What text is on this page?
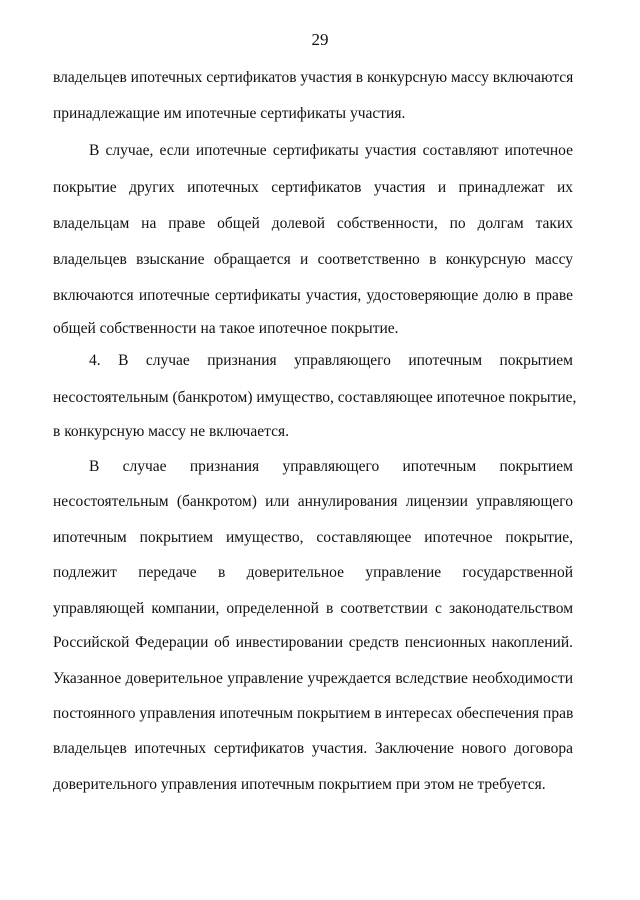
29
владельцев ипотечных сертификатов участия в конкурсную массу включаются
принадлежащие им ипотечные сертификаты участия.
В случае, если ипотечные сертификаты участия составляют ипотечное
покрытие других ипотечных сертификатов участия и принадлежат их
владельцам на праве общей долевой собственности, по долгам таких
владельцев взыскание обращается и соответственно в конкурсную массу
включаются ипотечные сертификаты участия, удостоверяющие долю в праве
общей собственности на такое ипотечное покрытие.
4. В случае признания управляющего ипотечным покрытием
несостоятельным (банкротом) имущество, составляющее ипотечное покрытие,
в конкурсную массу не включается.
В случае признания управляющего ипотечным покрытием
несостоятельным (банкротом) или аннулирования лицензии управляющего
ипотечным покрытием имущество, составляющее ипотечное покрытие,
подлежит передаче в доверительное управление государственной
управляющей компании, определенной в соответствии с законодательством
Российской Федерации об инвестировании средств пенсионных накоплений.
Указанное доверительное управление учреждается вследствие необходимости
постоянного управления ипотечным покрытием в интересах обеспечения прав
владельцев ипотечных сертификатов участия. Заключение нового договора
доверительного управления ипотечным покрытием при этом не требуется.
